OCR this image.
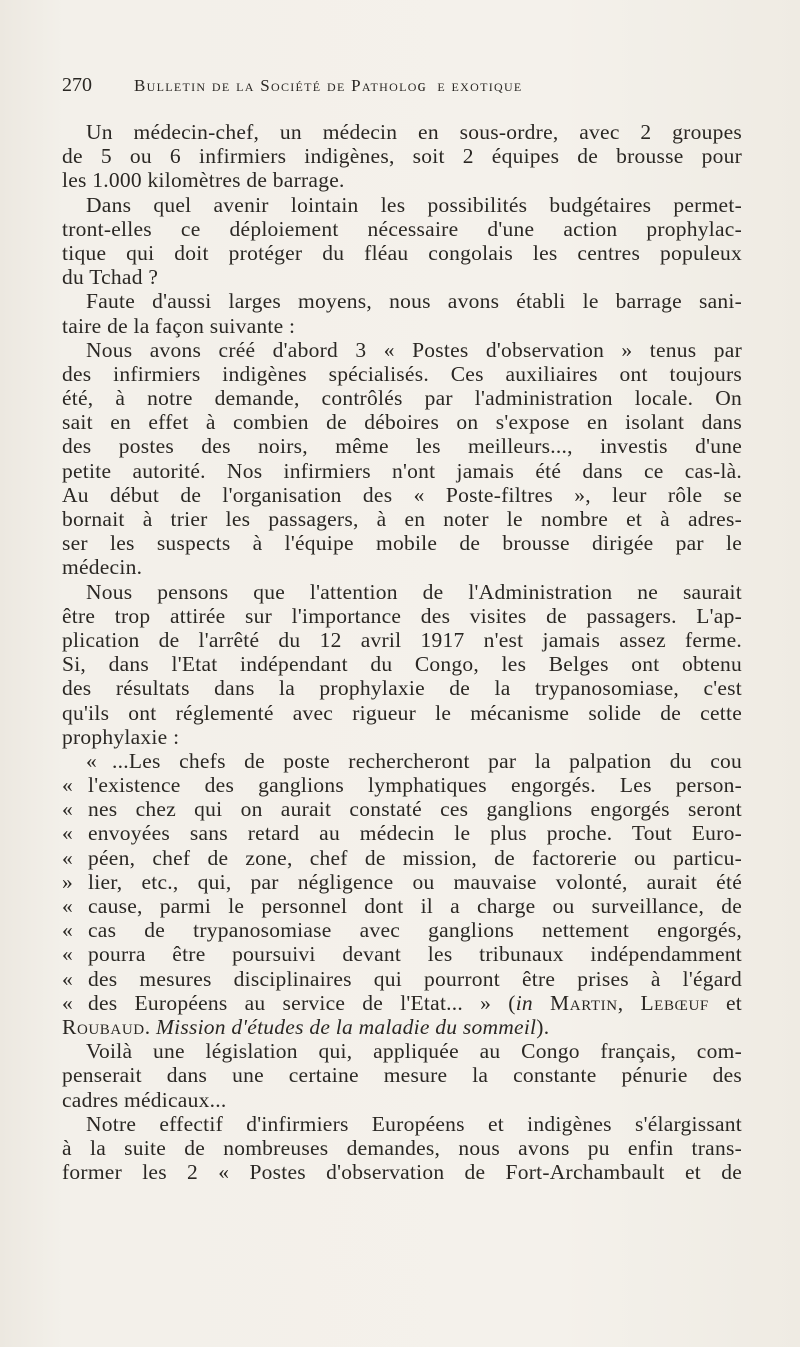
270	Bulletin de la Société de Patholoɢɪe exotique
Un médecin-chef, un médecin en sous-ordre, avec 2 groupes
de 5 ou 6 infirmiers indigènes, soit 2 équipes de brousse pour
les 1.000 kilomètres de barrage.
Dans quel avenir lointain les possibilités budgétaires permet-
tront-elles ce déploiement nécessaire d'une action prophylac-
tique qui doit protéger du fléau congolais les centres populeux
du Tchad ?
Faute d'aussi larges moyens, nous avons établi le barrage sani-
taire de la façon suivante :
Nous avons créé d'abord 3 « Postes d'observation » tenus par
des infirmiers indigènes spécialisés. Ces auxiliaires ont toujours
été, à notre demande, contrôlés par l'administration locale. On
sait en effet à combien de déboires on s'expose en isolant dans
des postes des noirs, même les meilleurs..., investis d'une
petite autorité. Nos infirmiers n'ont jamais été dans ce cas-là.
Au début de l'organisation des « Poste-filtres », leur rôle se
bornait à trier les passagers, à en noter le nombre et à adres-
ser les suspects à l'équipe mobile de brousse dirigée par le
médecin.
Nous pensons que l'attention de l'Administration ne saurait
être trop attirée sur l'importance des visites de passagers. L'ap-
plication de l'arrêté du 12 avril 1917 n'est jamais assez ferme.
Si, dans l'Etat indépendant du Congo, les Belges ont obtenu
des résultats dans la prophylaxie de la trypanosomiase, c'est
qu'ils ont réglementé avec rigueur le mécanisme solide de cette
prophylaxie :
« ...Les chefs de poste rechercheront par la palpation du cou
« l'existence des ganglions lymphatiques engorgés. Les person-
« nes chez qui on aurait constaté ces ganglions engorgés seront
« envoyées sans retard au médecin le plus proche. Tout Euro-
« péen, chef de zone, chef de mission, de factorerie ou particu-
» lier, etc., qui, par négligence ou mauvaise volonté, aurait été
« cause, parmi le personnel dont il a charge ou surveillance, de
« cas de trypanosomiase avec ganglions nettement engorgés,
« pourra être poursuivi devant les tribunaux indépendamment
« des mesures disciplinaires qui pourront être prises à l'égard
« des Européens au service de l'Etat... » (in Martin, Lebœuf et
Roubaud. Mission d'études de la maladie du sommeil).
Voilà une législation qui, appliquée au Congo français, com-
penserait dans une certaine mesure la constante pénurie des
cadres médicaux...
Notre effectif d'infirmiers Européens et indigènes s'élargissant
à la suite de nombreuses demandes, nous avons pu enfin trans-
former les 2 « Postes d'observation de Fort-Archambault et de
